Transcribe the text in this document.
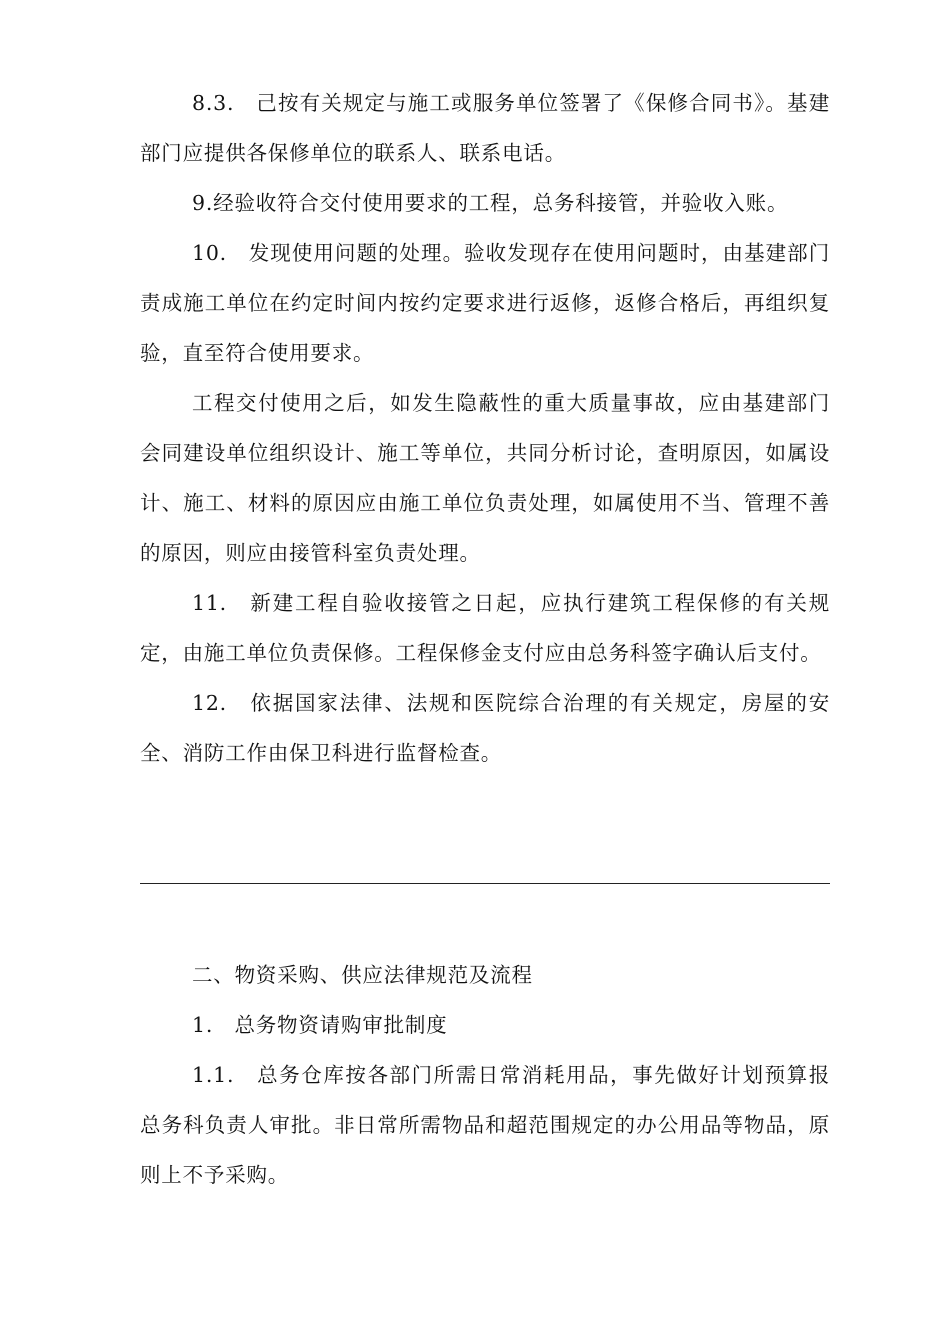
8.3.　己按有关规定与施工或服务单位签署了《保修合同书》。基建部门应提供各保修单位的联系人、联系电话。

9.经验收符合交付使用要求的工程，总务科接管，并验收入账。

10.　发现使用问题的处理。验收发现存在使用问题时，由基建部门责成施工单位在约定时间内按约定要求进行返修，返修合格后，再组织复验，直至符合使用要求。

工程交付使用之后，如发生隐蔽性的重大质量事故，应由基建部门会同建设单位组织设计、施工等单位，共同分析讨论，查明原因，如属设计、施工、材料的原因应由施工单位负责处理，如属使用不当、管理不善的原因，则应由接管科室负责处理。

11.　新建工程自验收接管之日起，应执行建筑工程保修的有关规定，由施工单位负责保修。工程保修金支付应由总务科签字确认后支付。

12.　依据国家法律、法规和医院综合治理的有关规定，房屋的安全、消防工作由保卫科进行监督检查。

二、物资采购、供应法律规范及流程

1.　总务物资请购审批制度

1.1.　总务仓库按各部门所需日常消耗用品，事先做好计划预算报总务科负责人审批。非日常所需物品和超范围规定的办公用品等物品，原则上不予采购。
